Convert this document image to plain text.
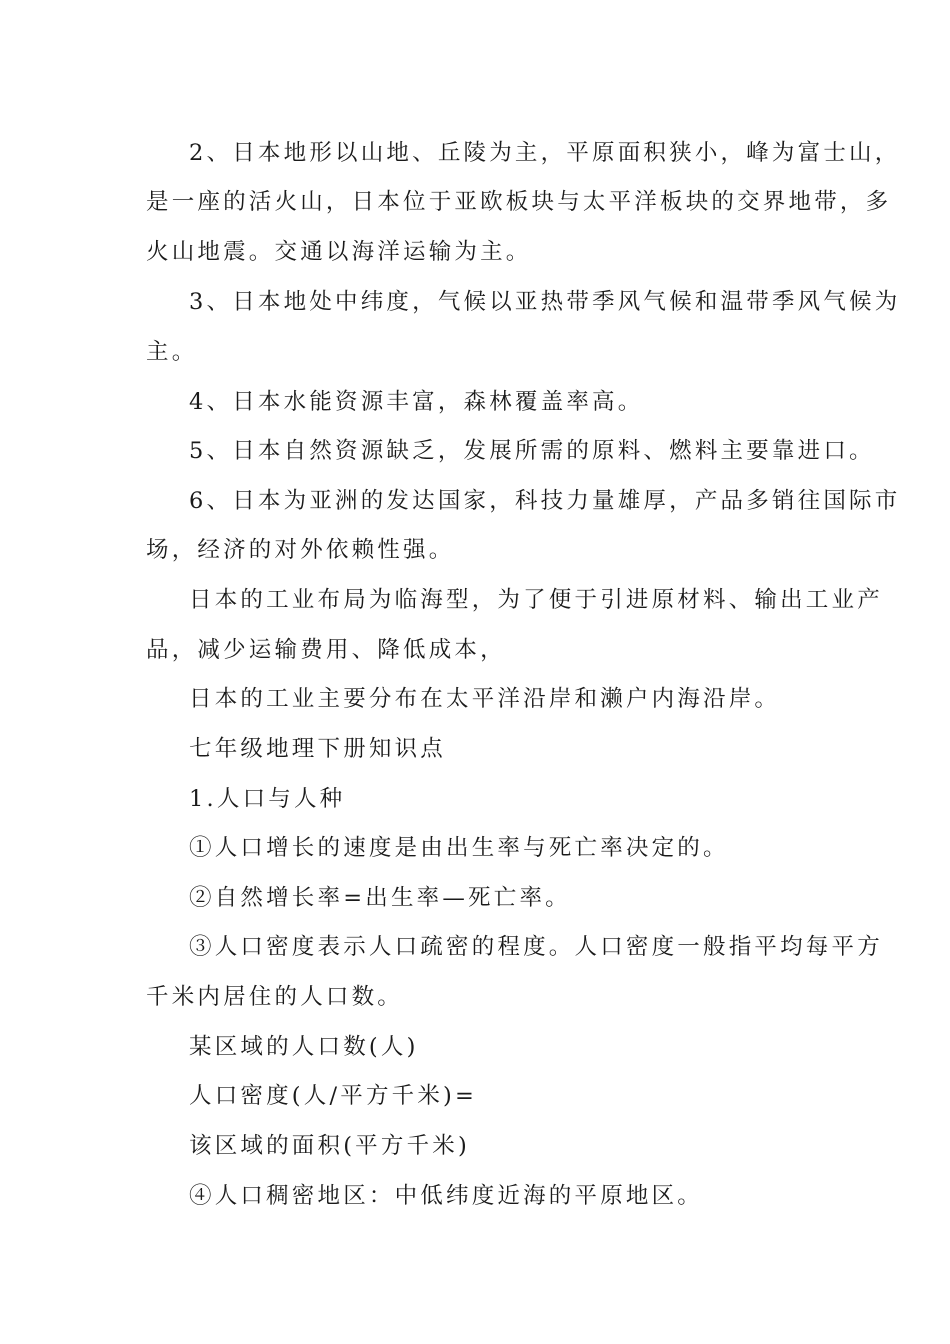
2、日本地形以山地、丘陵为主，平原面积狭小，峰为富士山，
是一座的活火山，日本位于亚欧板块与太平洋板块的交界地带，多
火山地震。交通以海洋运输为主。
3、日本地处中纬度，气候以亚热带季风气候和温带季风气候为
主。
4、日本水能资源丰富，森林覆盖率高。
5、日本自然资源缺乏，发展所需的原料、燃料主要靠进口。
6、日本为亚洲的发达国家，科技力量雄厚，产品多销往国际市
场，经济的对外依赖性强。
日本的工业布局为临海型，为了便于引进原材料、输出工业产
品，减少运输费用、降低成本，
日本的工业主要分布在太平洋沿岸和濑户内海沿岸。
七年级地理下册知识点
1.人口与人种
①人口增长的速度是由出生率与死亡率决定的。
②自然增长率=出生率—死亡率。
③人口密度表示人口疏密的程度。人口密度一般指平均每平方
千米内居住的人口数。
某区域的人口数(人)
人口密度(人/平方千米)=
该区域的面积(平方千米)
④人口稠密地区：中低纬度近海的平原地区。
